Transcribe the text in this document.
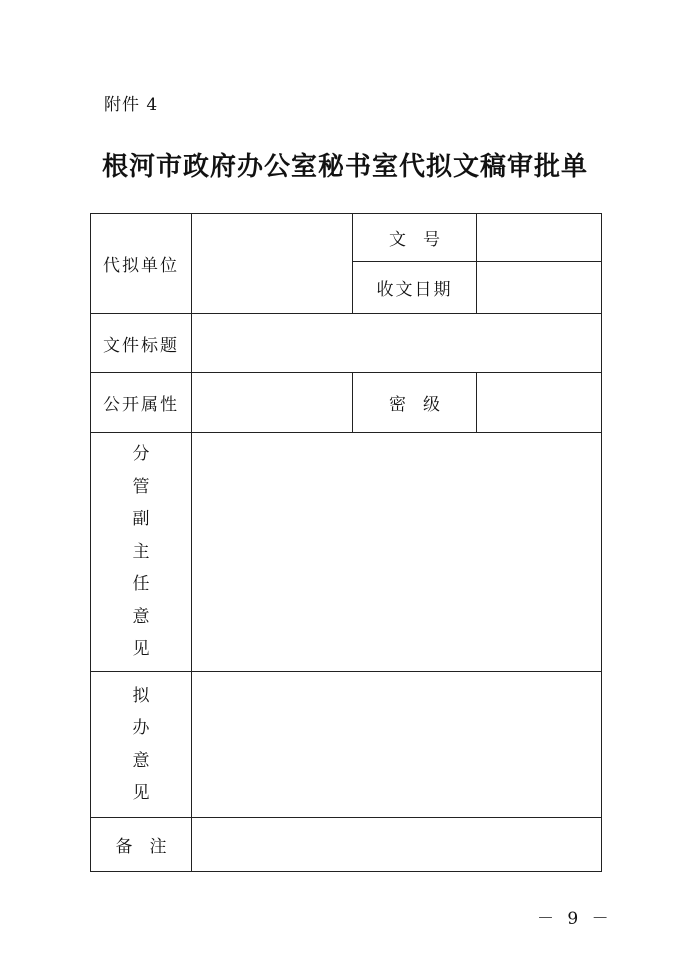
附件 4
根河市政府办公室秘书室代拟文稿审批单
代拟单位		文　号	
		收文日期	
文件标题			
公开属性		密　级	

分管副主任意见			

拟办意见			

备　注			
－ 9 －
